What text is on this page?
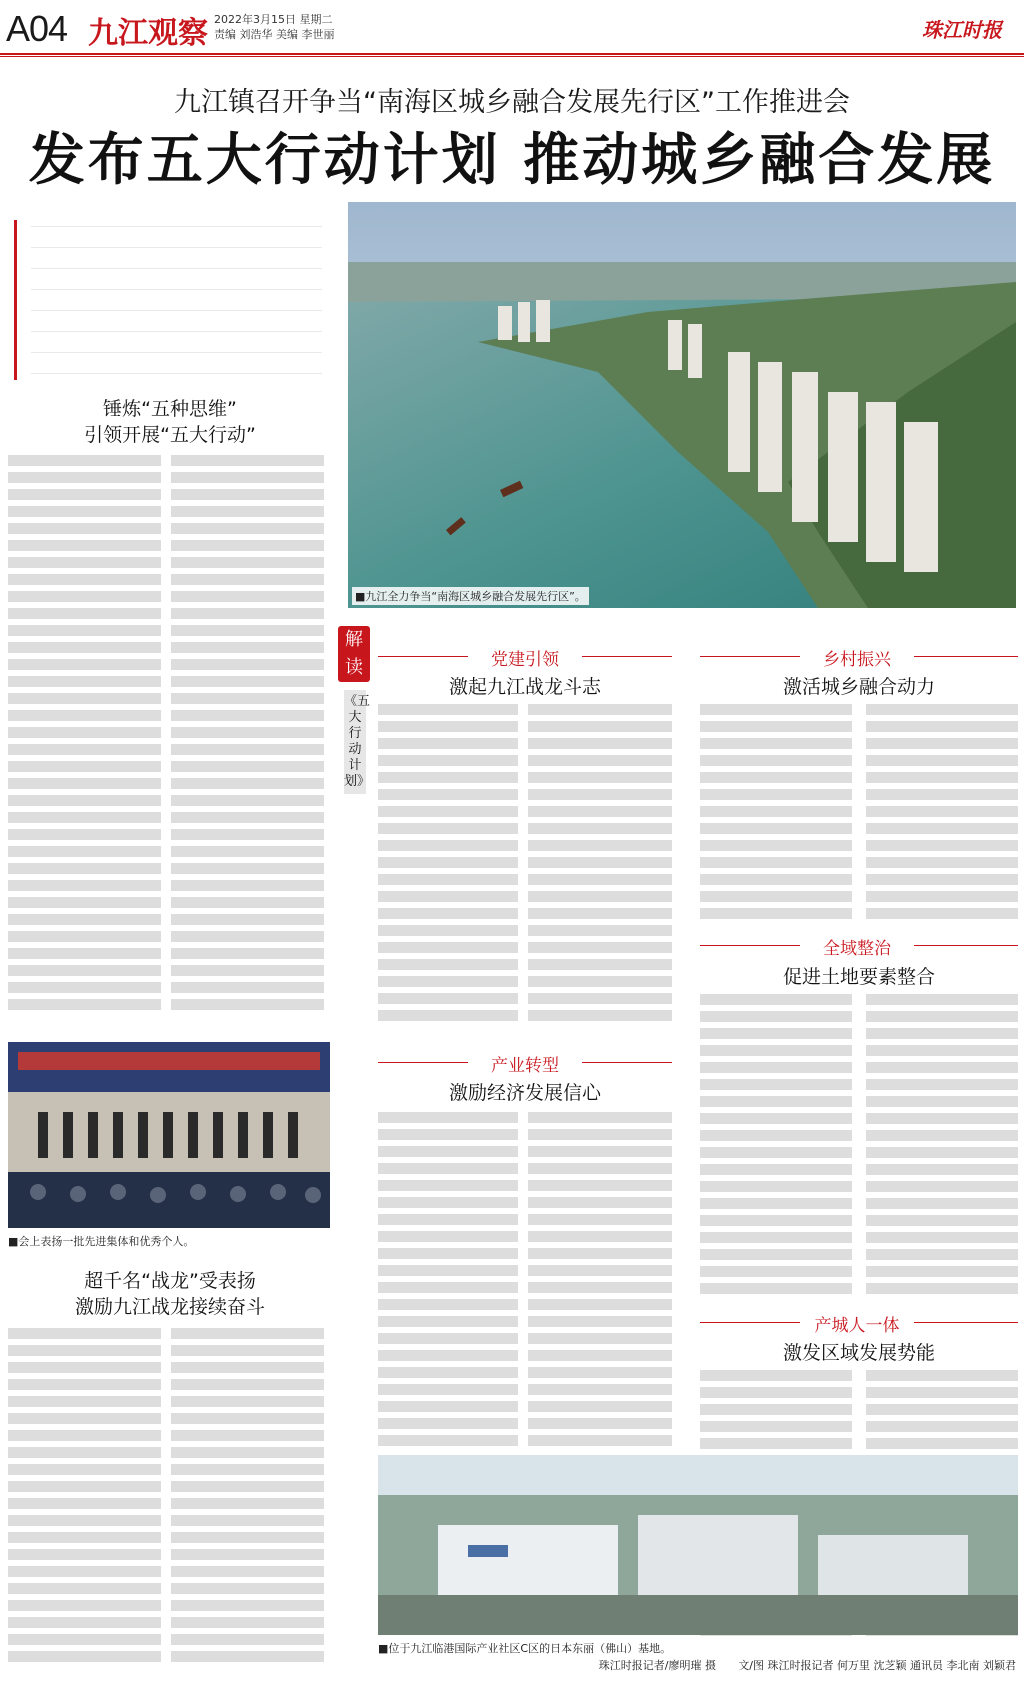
A04 九江观察 2022年3月15日 星期二
责编 刘浩华 美编 李世丽	珠江时报
九江镇召开争当“南海区城乡融合发展先行区”工作推进会
发布五大行动计划 推动城乡融合发展
■九江全力争当“南海区城乡融合发展先行区”。
锤炼“五种思维”
引领开展“五大行动”
■会上表扬一批先进集体和优秀个人。
超千名“战龙”受表扬
激励九江战龙接续奋斗
解读
《五大行动计划》
党建引领
激起九江战龙斗志
乡村振兴
激活城乡融合动力
产业转型
激励经济发展信心
全域整治
促进土地要素整合
产城人一体
激发区域发展势能
■位于九江临港国际产业社区C区的日本东丽（佛山）基地。
珠江时报记者/廖明璀 摄	文/图 珠江时报记者 何万里 沈芝颖 通讯员 李北南 刘颖君
